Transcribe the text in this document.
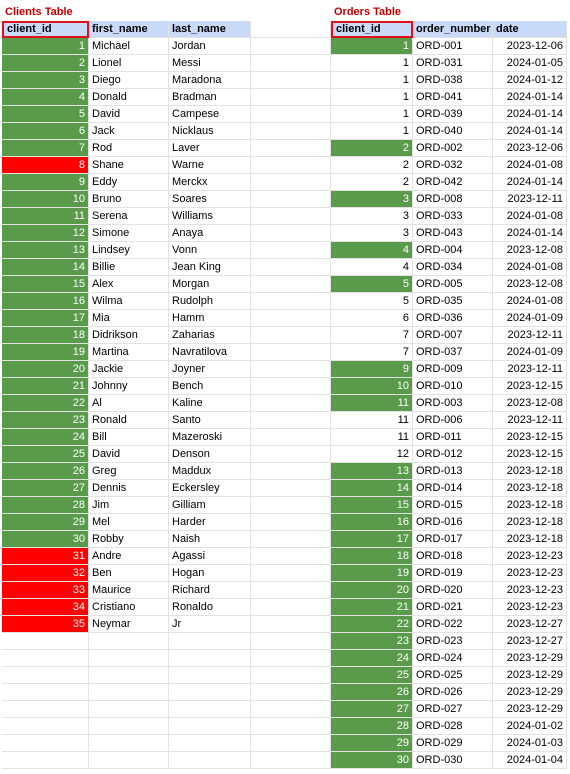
Clients Table	Orders Table
client_id	first_name	last_name	client_id	order_number date
1 Michael	Jordan
2 Lionel	Messi
3 Diego	Maradona
4 Donald	Bradman
5 David	Campese
6 Jack	Nicklaus
7 Rod	Laver
8 Shane	Warne
9 Eddy	Merckx
10 Bruno	Soares
11 Serena	Williams
12 Simone	Anaya
13 Lindsey	Vonn
14 Billie	Jean King
15 Alex	Morgan
16 Wilma	Rudolph
17 Mia	Hamm
18 Didrikson	Zaharias
19 Martina	Navratilova
20 Jackie	Joyner
21 Johnny	Bench
22 Al	Kaline
23 Ronald	Santo
24 Bill	Mazeroski
25 David	Denson
26 Greg	Maddux
27 Dennis	Eckersley
28 Jim	Gilliam
29 Mel	Harder
30 Robby	Naish
31 Andre	Agassi
32 Ben	Hogan
33 Maurice	Richard
34 Cristiano	Ronaldo
35 Neymar	Jr
1 ORD-001	2023-12-06
1 ORD-031	2024-01-05
1 ORD-038	2024-01-12
1 ORD-041	2024-01-14
1 ORD-039	2024-01-14
1 ORD-040	2024-01-14
2 ORD-002	2023-12-06
2 ORD-032	2024-01-08
2 ORD-042	2024-01-14
3 ORD-008	2023-12-11
3 ORD-033	2024-01-08
3 ORD-043	2024-01-14
4 ORD-004	2023-12-08
4 ORD-034	2024-01-08
5 ORD-005	2023-12-08
5 ORD-035	2024-01-08
6 ORD-036	2024-01-09
7 ORD-007	2023-12-11
7 ORD-037	2024-01-09
9 ORD-009	2023-12-11
10 ORD-010	2023-12-15
11 ORD-003	2023-12-08
11 ORD-006	2023-12-11
11 ORD-011	2023-12-15
12 ORD-012	2023-12-15
13 ORD-013	2023-12-18
14 ORD-014	2023-12-18
15 ORD-015	2023-12-18
16 ORD-016	2023-12-18
17 ORD-017	2023-12-18
18 ORD-018	2023-12-23
19 ORD-019	2023-12-23
20 ORD-020	2023-12-23
21 ORD-021	2023-12-23
22 ORD-022	2023-12-27
23 ORD-023	2023-12-27
24 ORD-024	2023-12-29
25 ORD-025	2023-12-29
26 ORD-026	2023-12-29
27 ORD-027	2023-12-29
28 ORD-028	2024-01-02
29 ORD-029	2024-01-03
30 ORD-030	2024-01-04
